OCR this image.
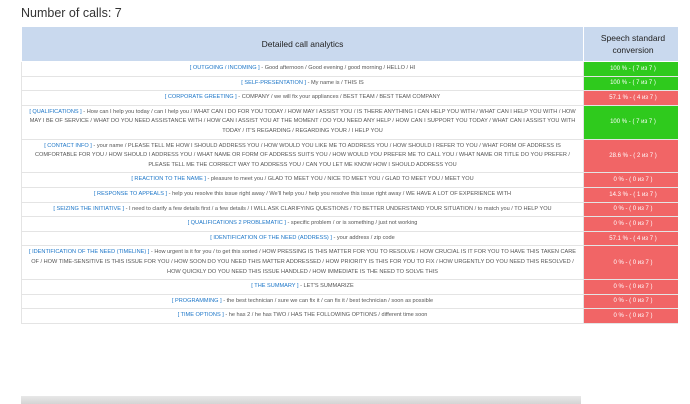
Number of calls: 7
Detailed call analytics	Speech standard conversion
[ OUTGOING / INCOMING ] - Good afternoon / Good evening / good morning / HELLO / HI	100 % - ( 7 из 7 )
[ SELF-PRESENTATION ] - My name is / THIS IS	100 % - ( 7 из 7 )
[ CORPORATE GREETING ] - COMPANY / we will fix your appliances / BEST TEAM / BEST TEAM COMPANY	57.1 % - ( 4 из 7 )
[ QUALIFICATIONS ] - How can I help you today / can I help you / WHAT CAN I DO FOR YOU TODAY / HOW MAY I ASSIST YOU / IS THERE ANYTHING I CAN HELP YOU WITH / WHAT CAN I HELP YOU WITH / HOW MAY I BE OF SERVICE / WHAT DO YOU NEED ASSISTANCE WITH / HOW CAN I ASSIST YOU AT THE MOMENT / DO YOU NEED ANY HELP / HOW CAN I SUPPORT YOU TODAY / WHAT CAN I ASSIST YOU WITH TODAY / IT'S REGARDING / REGARDING YOUR / I HELP YOU	100 % - ( 7 из 7 )
[ CONTACT INFO ] - your name / PLEASE TELL ME HOW I SHOULD ADDRESS YOU / HOW WOULD YOU LIKE ME TO ADDRESS YOU / HOW SHOULD I REFER TO YOU / WHAT FORM OF ADDRESS IS COMFORTABLE FOR YOU / HOW SHOULD I ADDRESS YOU / WHAT NAME OR FORM OF ADDRESS SUITS YOU / HOW WOULD YOU PREFER ME TO CALL YOU / WHAT NAME OR TITLE DO YOU PREFER / PLEASE TELL ME THE CORRECT WAY TO ADDRESS YOU / CAN YOU LET ME KNOW HOW I SHOULD ADDRESS YOU	28.6 % - ( 2 из 7 )
[ REACTION TO THE NAME ] - pleasure to meet you / GLAD TO MEET YOU / NICE TO MEET YOU / GLAD TO MEET YOU / MEET YOU	0 % - ( 0 из 7 )
[ RESPONSE TO APPEALS ] - help you resolve this issue right away / We'll help you / help you resolve this issue right away / WE HAVE A LOT OF EXPERIENCE WITH	14.3 % - ( 1 из 7 )
[ SEIZING THE INITIATIVE ] - I need to clarify a few details first / a few details / I WILL ASK CLARIFYING QUESTIONS / TO BETTER UNDERSTAND YOUR SITUATION / to match you / TO HELP YOU	0 % - ( 0 из 7 )
[ QUALIFICATIONS 2 PROBLEMATIC ] - specific problem / or is something / just not working	0 % - ( 0 из 7 )
[ IDENTIFICATION OF THE NEED (ADDRESS) ] - your address / zip code	57.1 % - ( 4 из 7 )
[ IDENTIFICATION OF THE NEED (TIMELINE) ] - How urgent is it for you / to get this sorted / HOW PRESSING IS THIS MATTER FOR YOU TO RESOLVE / HOW CRUCIAL IS IT FOR YOU TO HAVE THIS TAKEN CARE OF / HOW TIME-SENSITIVE IS THIS ISSUE FOR YOU / HOW SOON DO YOU NEED THIS MATTER ADDRESSED / HOW PRIORITY IS THIS FOR YOU TO FIX / HOW URGENTLY DO YOU NEED THIS RESOLVED / HOW QUICKLY DO YOU NEED THIS ISSUE HANDLED / HOW IMMEDIATE IS THE NEED TO SOLVE THIS	0 % - ( 0 из 7 )
[ THE SUMMARY ] - LET'S SUMMARIZE	0 % - ( 0 из 7 )
[ PROGRAMMING ] - the best technician / sure we can fix it / can fix it / best technician / soon as possible	0 % - ( 0 из 7 )
[ TIME OPTIONS ] - he has 2 / he has TWO / HAS THE FOLLOWING OPTIONS / different time soon	0 % - ( 0 из 7 )
